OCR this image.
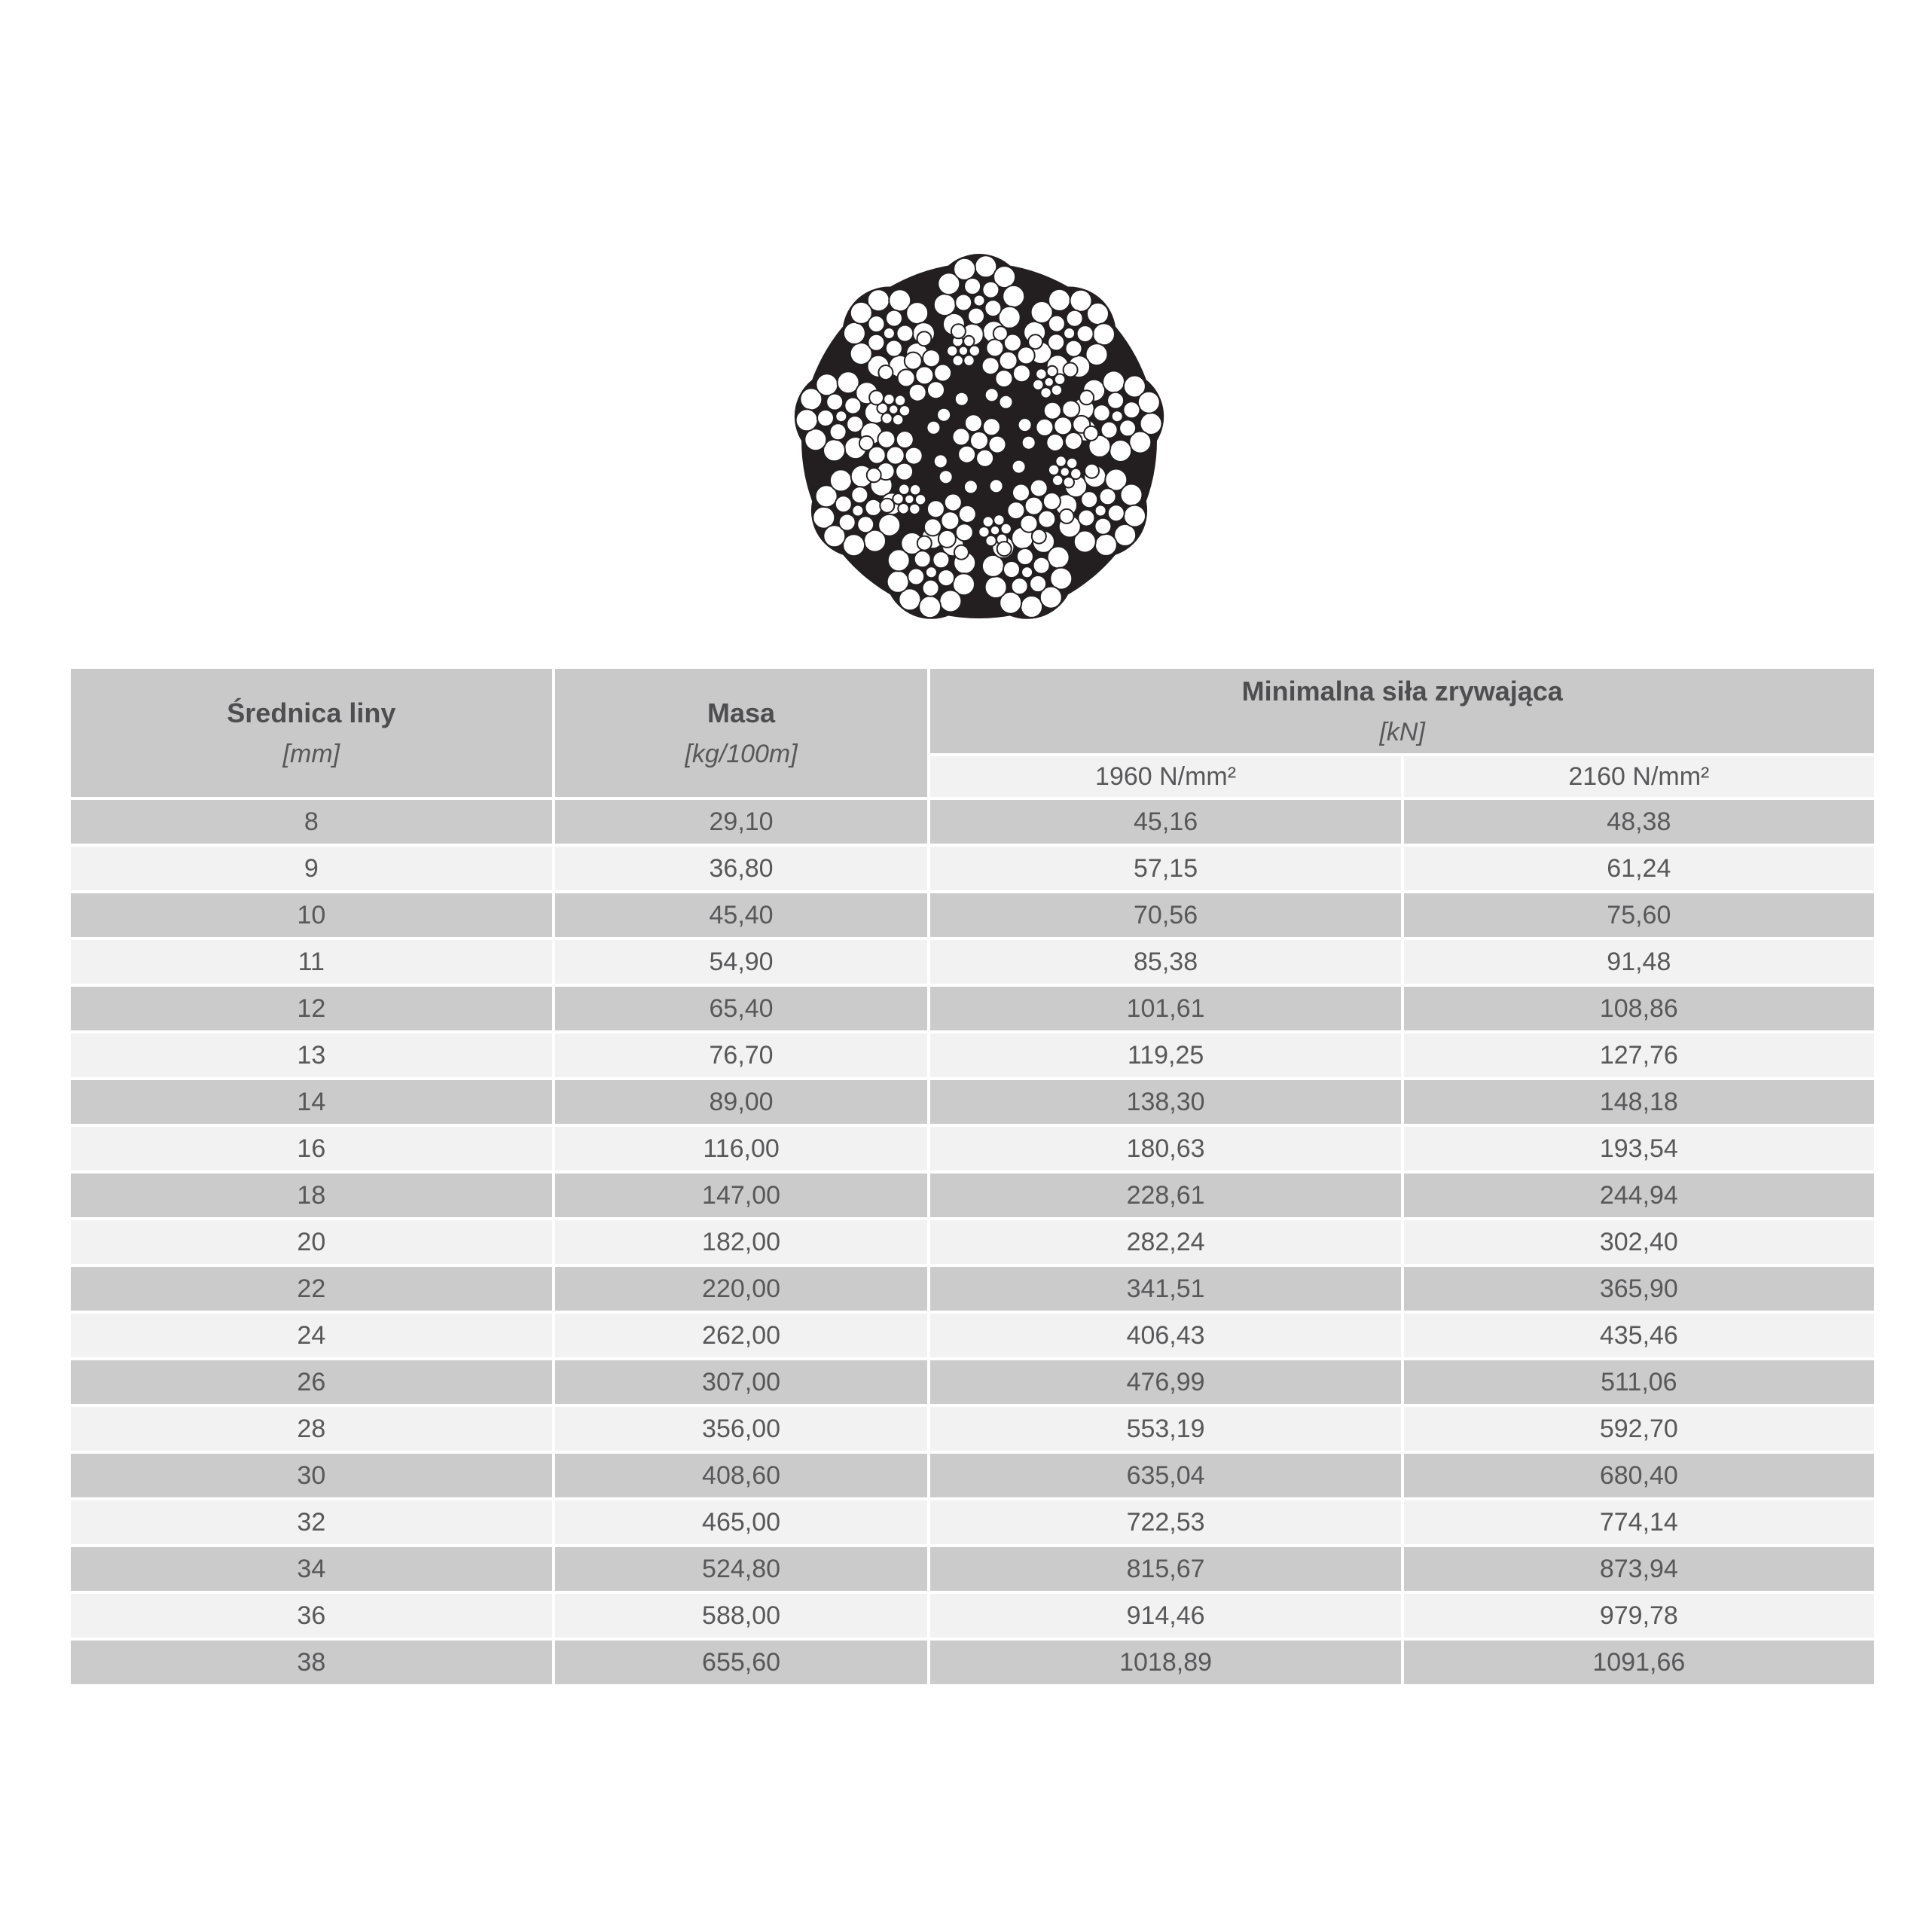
Średnica liny
[mm]

Masa
[kg/100m]

Minimalna siła zrywająca
[kN]

		1960 N/mm²	2160 N/mm²
8	29,10	45,16	48,38
9	36,80	57,15	61,24
10	45,40	70,56	75,60
11	54,90	85,38	91,48
12	65,40	101,61	108,86
13	76,70	119,25	127,76
14	89,00	138,30	148,18
16	116,00	180,63	193,54
18	147,00	228,61	244,94
20	182,00	282,24	302,40
22	220,00	341,51	365,90
24	262,00	406,43	435,46
26	307,00	476,99	511,06
28	356,00	553,19	592,70
30	408,60	635,04	680,40
32	465,00	722,53	774,14
34	524,80	815,67	873,94
36	588,00	914,46	979,78
38	655,60	1018,89	1091,66
